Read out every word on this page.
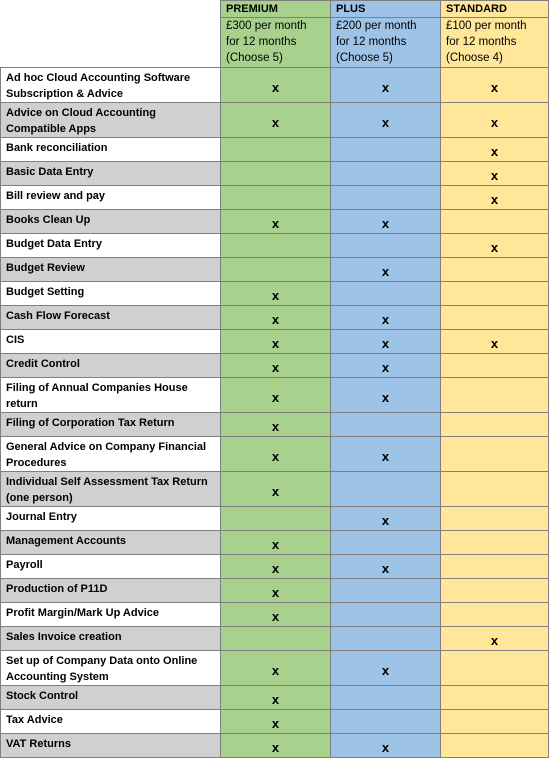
	PREMIUM
£300 per month
for 12 months
(Choose 5)	PLUS
£200 per month
for 12 months
(Choose 5)	STANDARD
£100 per month
for 12 months
(Choose 4)

Ad hoc Cloud Accounting Software
Subscription & Advice	x	x	x

Advice on Cloud Accounting
Compatible Apps	x	x	x

Bank reconciliation			x

Basic Data Entry			x

Bill review and pay			x

Books Clean Up	x	x	

Budget Data Entry			x

Budget Review		x	

Budget Setting	x		

Cash Flow Forecast	x	x	

CIS	x	x	x

Credit Control	x	x	

Filing of Annual Companies House
return	x	x	

Filing of Corporation Tax Return	x		

General Advice on Company Financial
Procedures	x	x	

Individual Self Assessment Tax Return
(one person)	x		

Journal Entry		x	

Management Accounts	x		

Payroll	x	x	

Production of P11D	x		

Profit Margin/Mark Up Advice	x		

Sales Invoice creation			x

Set up of Company Data onto Online
Accounting System	x	x	

Stock Control	x		

Tax Advice	x		

VAT Returns	x	x	
